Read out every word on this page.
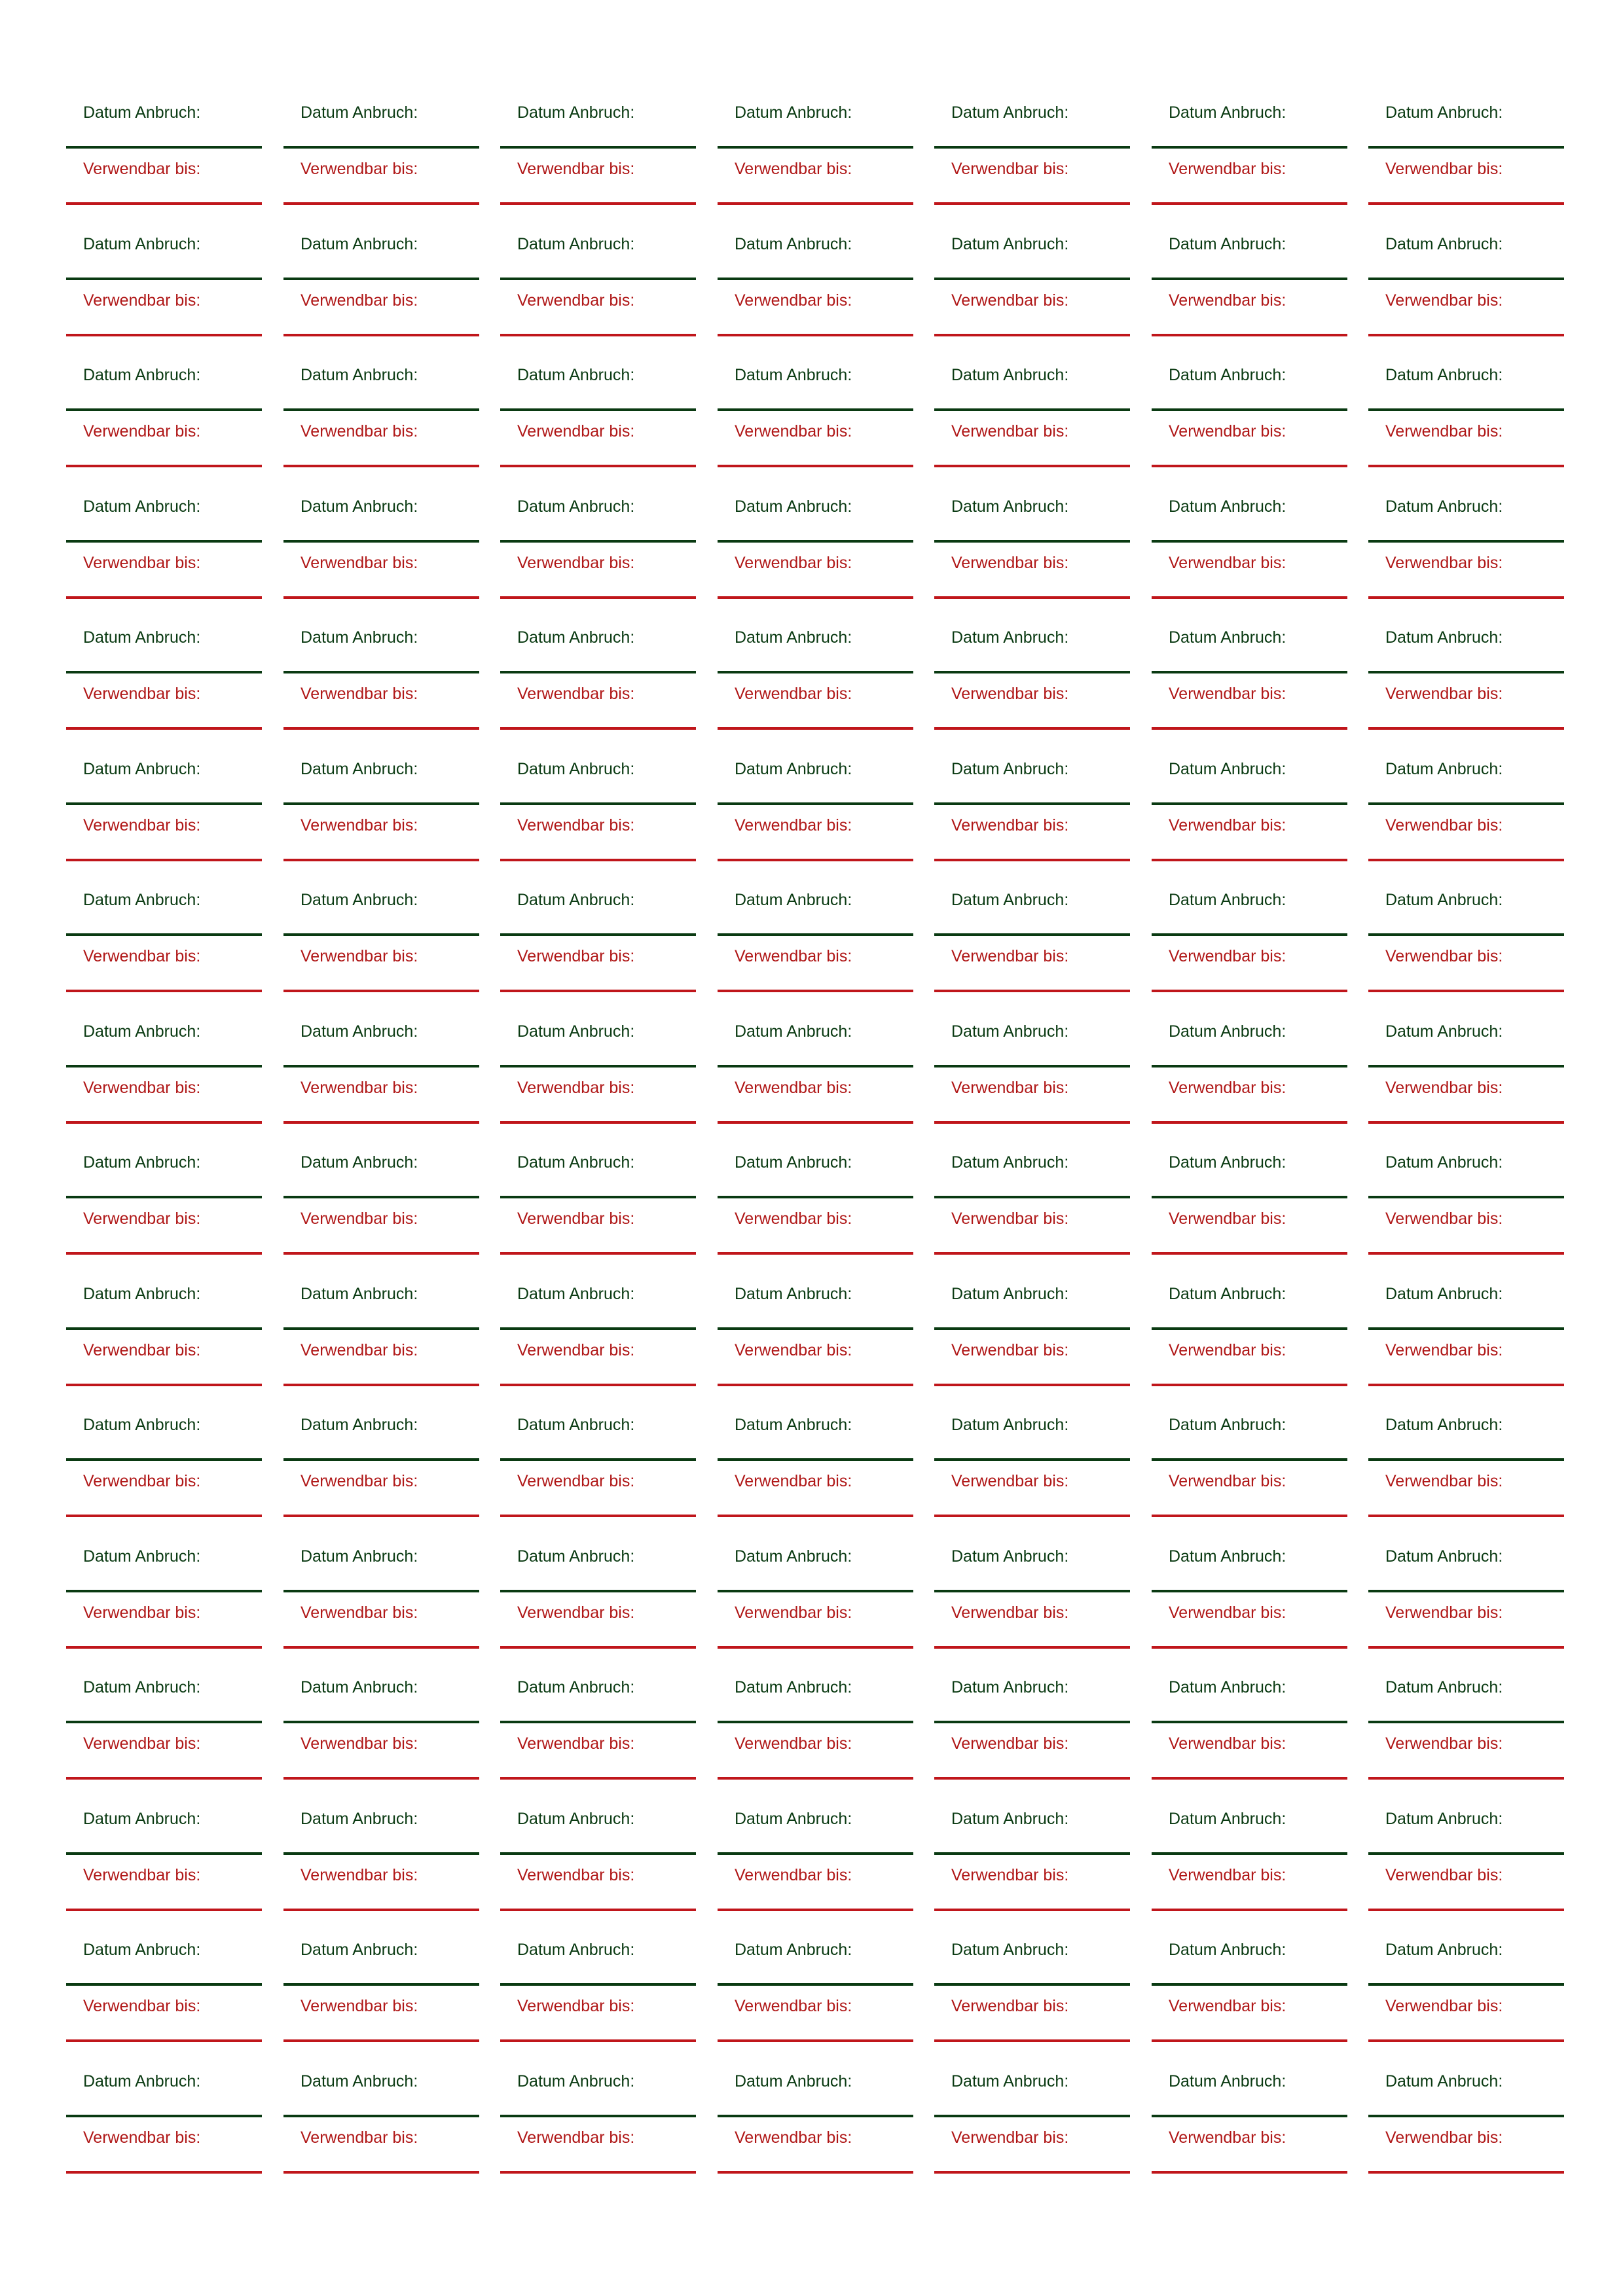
Datum Anbruch:
Verwendbar bis:
Datum Anbruch:
Verwendbar bis:
Datum Anbruch:
Verwendbar bis:
Datum Anbruch:
Verwendbar bis:
Datum Anbruch:
Verwendbar bis:
Datum Anbruch:
Verwendbar bis:
Datum Anbruch:
Verwendbar bis:
Datum Anbruch:
Verwendbar bis:
Datum Anbruch:
Verwendbar bis:
Datum Anbruch:
Verwendbar bis:
Datum Anbruch:
Verwendbar bis:
Datum Anbruch:
Verwendbar bis:
Datum Anbruch:
Verwendbar bis:
Datum Anbruch:
Verwendbar bis:
Datum Anbruch:
Verwendbar bis:
Datum Anbruch:
Verwendbar bis:
Datum Anbruch:
Verwendbar bis:
Datum Anbruch:
Verwendbar bis:
Datum Anbruch:
Verwendbar bis:
Datum Anbruch:
Verwendbar bis:
Datum Anbruch:
Verwendbar bis:
Datum Anbruch:
Verwendbar bis:
Datum Anbruch:
Verwendbar bis:
Datum Anbruch:
Verwendbar bis:
Datum Anbruch:
Verwendbar bis:
Datum Anbruch:
Verwendbar bis:
Datum Anbruch:
Verwendbar bis:
Datum Anbruch:
Verwendbar bis:
Datum Anbruch:
Verwendbar bis:
Datum Anbruch:
Verwendbar bis:
Datum Anbruch:
Verwendbar bis:
Datum Anbruch:
Verwendbar bis:
Datum Anbruch:
Verwendbar bis:
Datum Anbruch:
Verwendbar bis:
Datum Anbruch:
Verwendbar bis:
Datum Anbruch:
Verwendbar bis:
Datum Anbruch:
Verwendbar bis:
Datum Anbruch:
Verwendbar bis:
Datum Anbruch:
Verwendbar bis:
Datum Anbruch:
Verwendbar bis:
Datum Anbruch:
Verwendbar bis:
Datum Anbruch:
Verwendbar bis:
Datum Anbruch:
Verwendbar bis:
Datum Anbruch:
Verwendbar bis:
Datum Anbruch:
Verwendbar bis:
Datum Anbruch:
Verwendbar bis:
Datum Anbruch:
Verwendbar bis:
Datum Anbruch:
Verwendbar bis:
Datum Anbruch:
Verwendbar bis:
Datum Anbruch:
Verwendbar bis:
Datum Anbruch:
Verwendbar bis:
Datum Anbruch:
Verwendbar bis:
Datum Anbruch:
Verwendbar bis:
Datum Anbruch:
Verwendbar bis:
Datum Anbruch:
Verwendbar bis:
Datum Anbruch:
Verwendbar bis:
Datum Anbruch:
Verwendbar bis:
Datum Anbruch:
Verwendbar bis:
Datum Anbruch:
Verwendbar bis:
Datum Anbruch:
Verwendbar bis:
Datum Anbruch:
Verwendbar bis:
Datum Anbruch:
Verwendbar bis:
Datum Anbruch:
Verwendbar bis:
Datum Anbruch:
Verwendbar bis:
Datum Anbruch:
Verwendbar bis:
Datum Anbruch:
Verwendbar bis:
Datum Anbruch:
Verwendbar bis:
Datum Anbruch:
Verwendbar bis:
Datum Anbruch:
Verwendbar bis:
Datum Anbruch:
Verwendbar bis:
Datum Anbruch:
Verwendbar bis:
Datum Anbruch:
Verwendbar bis:
Datum Anbruch:
Verwendbar bis:
Datum Anbruch:
Verwendbar bis:
Datum Anbruch:
Verwendbar bis:
Datum Anbruch:
Verwendbar bis:
Datum Anbruch:
Verwendbar bis:
Datum Anbruch:
Verwendbar bis:
Datum Anbruch:
Verwendbar bis:
Datum Anbruch:
Verwendbar bis:
Datum Anbruch:
Verwendbar bis:
Datum Anbruch:
Verwendbar bis:
Datum Anbruch:
Verwendbar bis:
Datum Anbruch:
Verwendbar bis:
Datum Anbruch:
Verwendbar bis:
Datum Anbruch:
Verwendbar bis:
Datum Anbruch:
Verwendbar bis:
Datum Anbruch:
Verwendbar bis:
Datum Anbruch:
Verwendbar bis:
Datum Anbruch:
Verwendbar bis:
Datum Anbruch:
Verwendbar bis:
Datum Anbruch:
Verwendbar bis:
Datum Anbruch:
Verwendbar bis:
Datum Anbruch:
Verwendbar bis:
Datum Anbruch:
Verwendbar bis:
Datum Anbruch:
Verwendbar bis:
Datum Anbruch:
Verwendbar bis:
Datum Anbruch:
Verwendbar bis:
Datum Anbruch:
Verwendbar bis:
Datum Anbruch:
Verwendbar bis:
Datum Anbruch:
Verwendbar bis:
Datum Anbruch:
Verwendbar bis:
Datum Anbruch:
Verwendbar bis:
Datum Anbruch:
Verwendbar bis:
Datum Anbruch:
Verwendbar bis:
Datum Anbruch:
Verwendbar bis:
Datum Anbruch:
Verwendbar bis:
Datum Anbruch:
Verwendbar bis:
Datum Anbruch:
Verwendbar bis:
Datum Anbruch:
Verwendbar bis:
Datum Anbruch:
Verwendbar bis:
Datum Anbruch:
Verwendbar bis:
